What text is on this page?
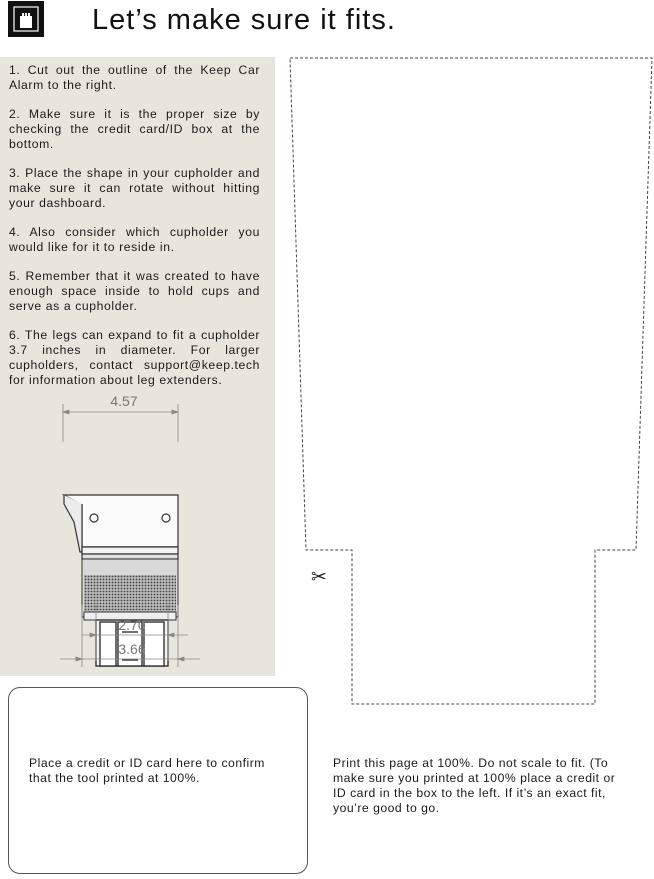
Let’s make sure it fits.
1. Cut out the outline of the Keep Car Alarm to the right.
2. Make sure it is the proper size by checking the credit card/ID box at the bottom.
3. Place the shape in your cupholder and make sure it can rotate without hitting your dashboard.
4. Also consider which cupholder you would like for it to reside in.
5. Remember that it was created to have enough space inside to hold cups and serve as a cupholder.
6. The legs can expand to fit a cupholder 3.7 inches in diameter. For larger cupholders, contact support@keep.tech for information about leg extenders.
4.57
2.70
3.66
✂
Place a credit or ID card here to confirm that the tool printed at 100%.
Print this page at 100%. Do not scale to fit. (To make sure you printed at 100% place a credit or ID card in the box to the left. If it’s an exact fit, you’re good to go.
